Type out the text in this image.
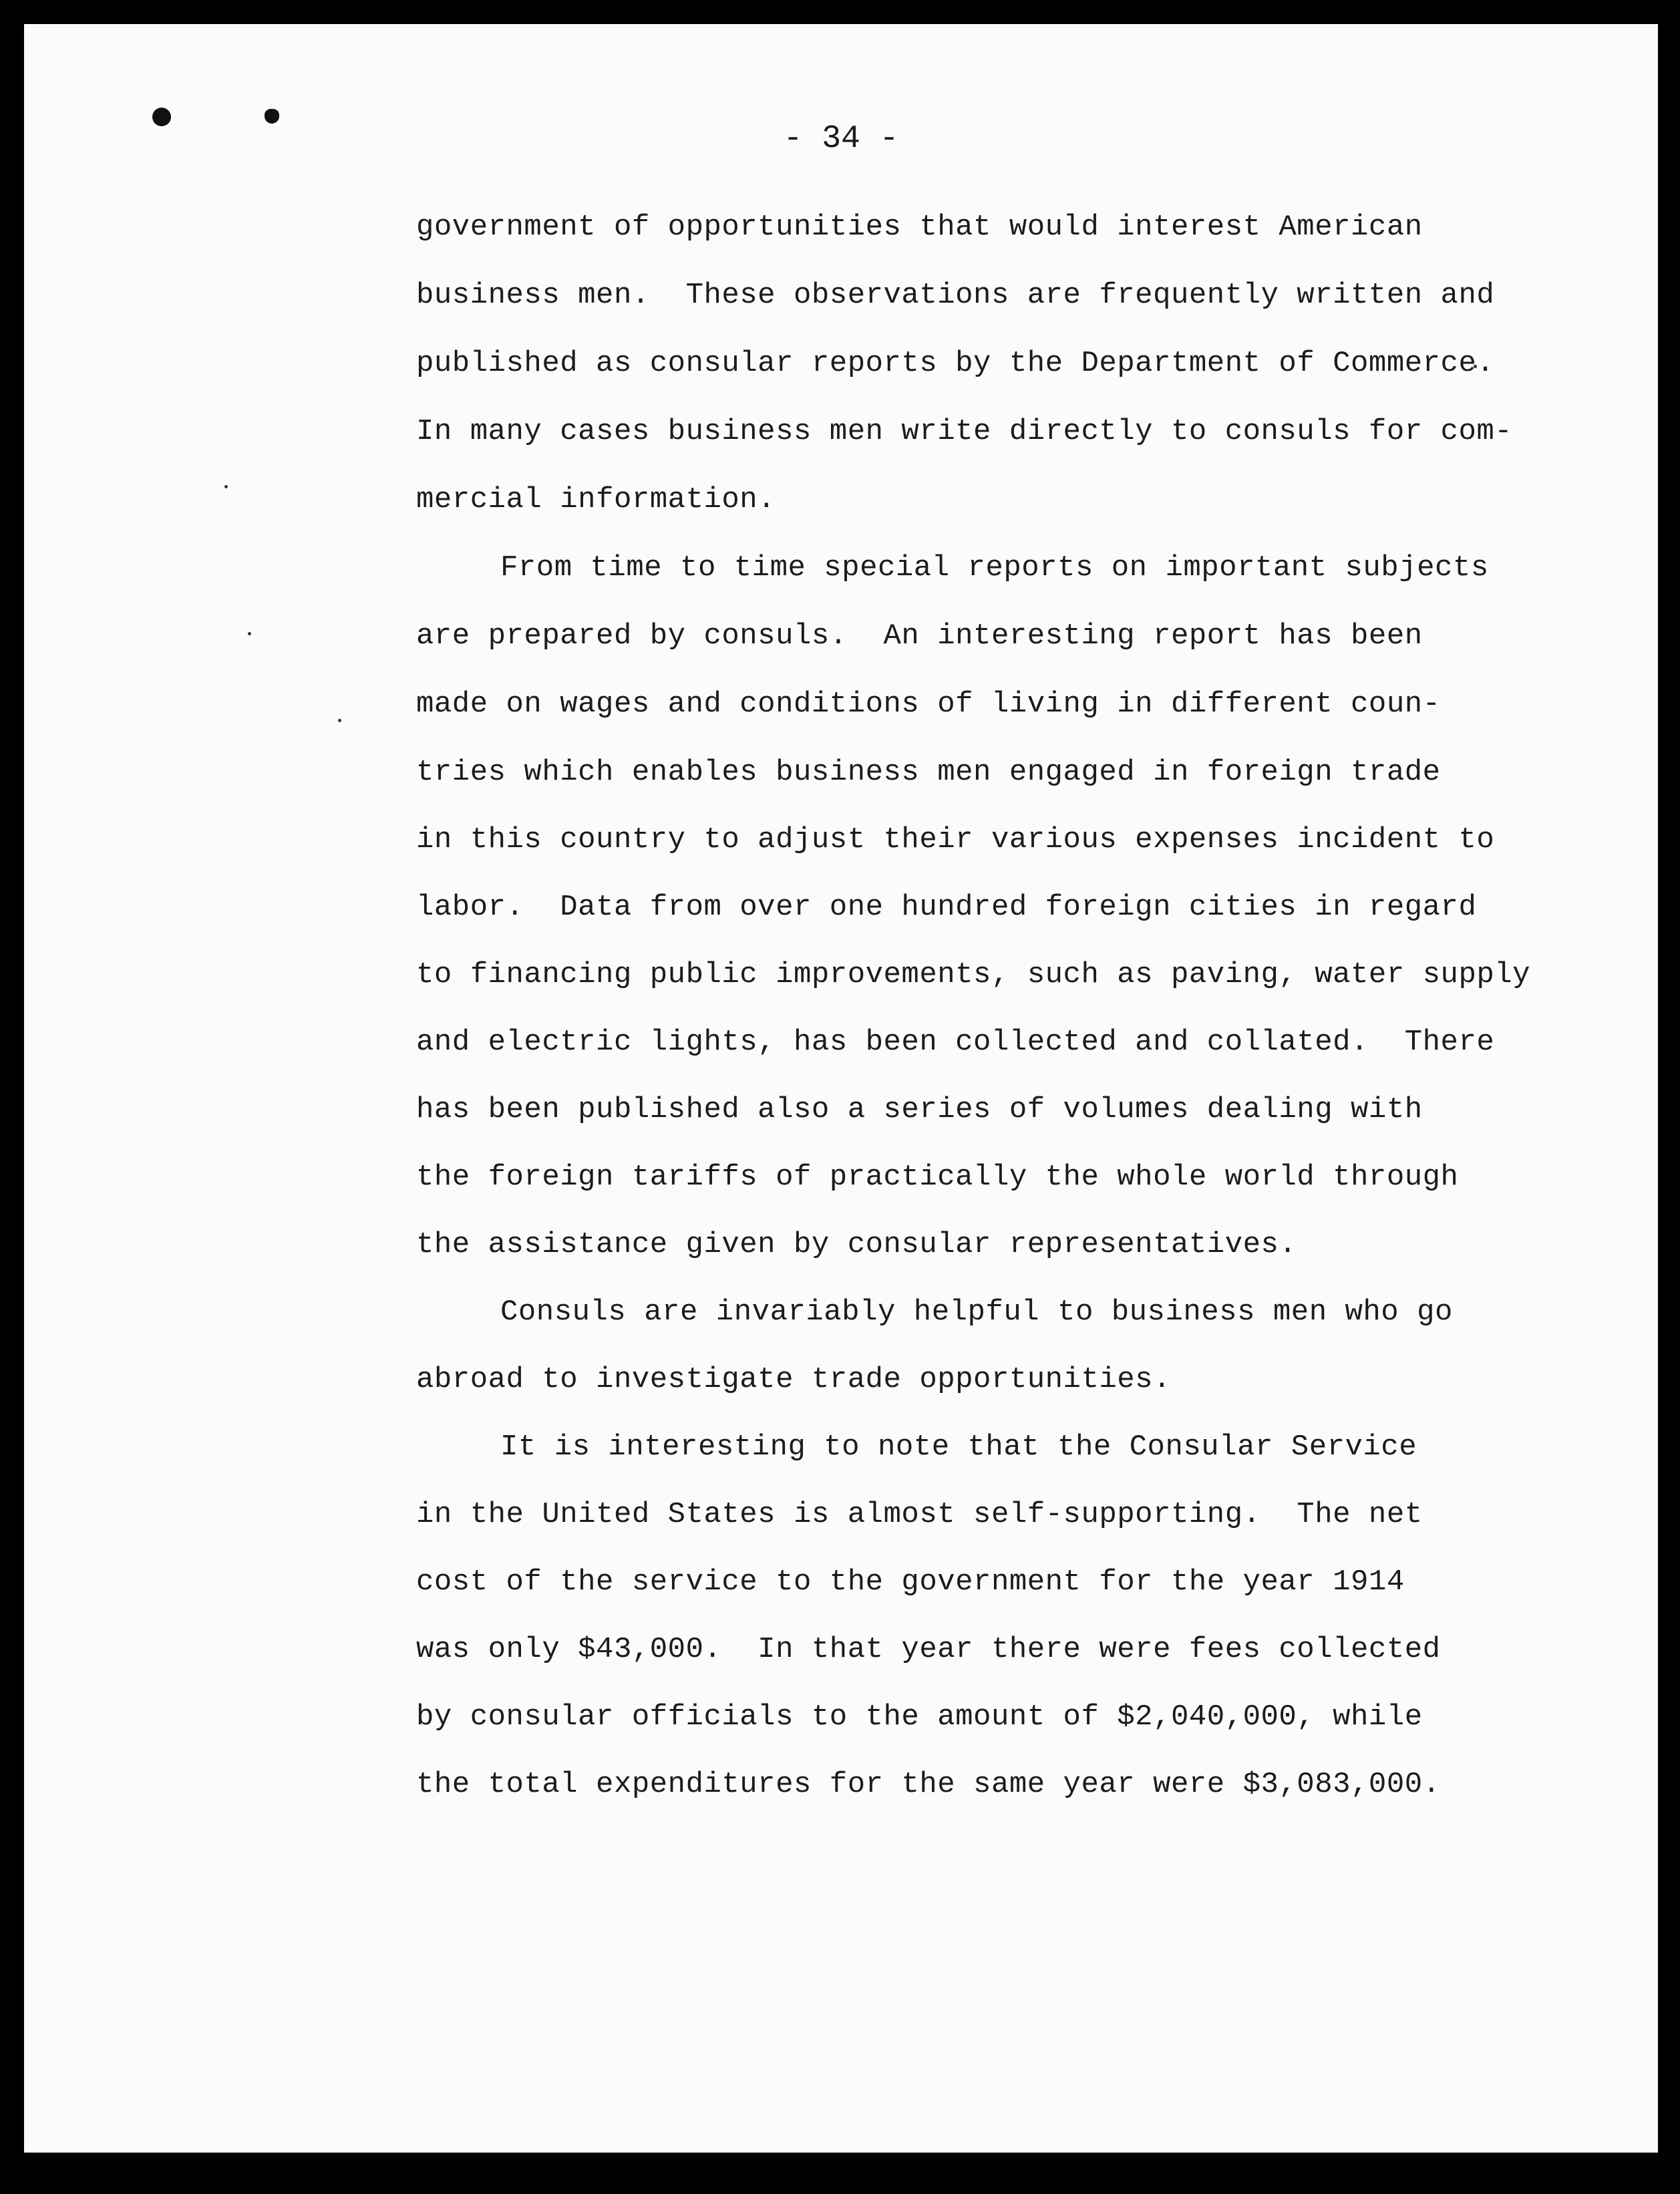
- 34 -

government of opportunities that would interest American

business men.  These observations are frequently written and

published as consular reports by the Department of Commerce.

In many cases business men write directly to consuls for com-

mercial information.

From time to time special reports on important subjects

are prepared by consuls.  An interesting report has been

made on wages and conditions of living in different coun-

tries which enables business men engaged in foreign trade

in this country to adjust their various expenses incident to

labor.  Data from over one hundred foreign cities in regard

to financing public improvements, such as paving, water supply

and electric lights, has been collected and collated.  There

has been published also a series of volumes dealing with

the foreign tariffs of practically the whole world through

the assistance given by consular representatives.

Consuls are invariably helpful to business men who go

abroad to investigate trade opportunities.

It is interesting to note that the Consular Service

in the United States is almost self-supporting.  The net

cost of the service to the government for the year 1914

was only $43,000.  In that year there were fees collected

by consular officials to the amount of $2,040,000, while

the total expenditures for the same year were $3,083,000.
